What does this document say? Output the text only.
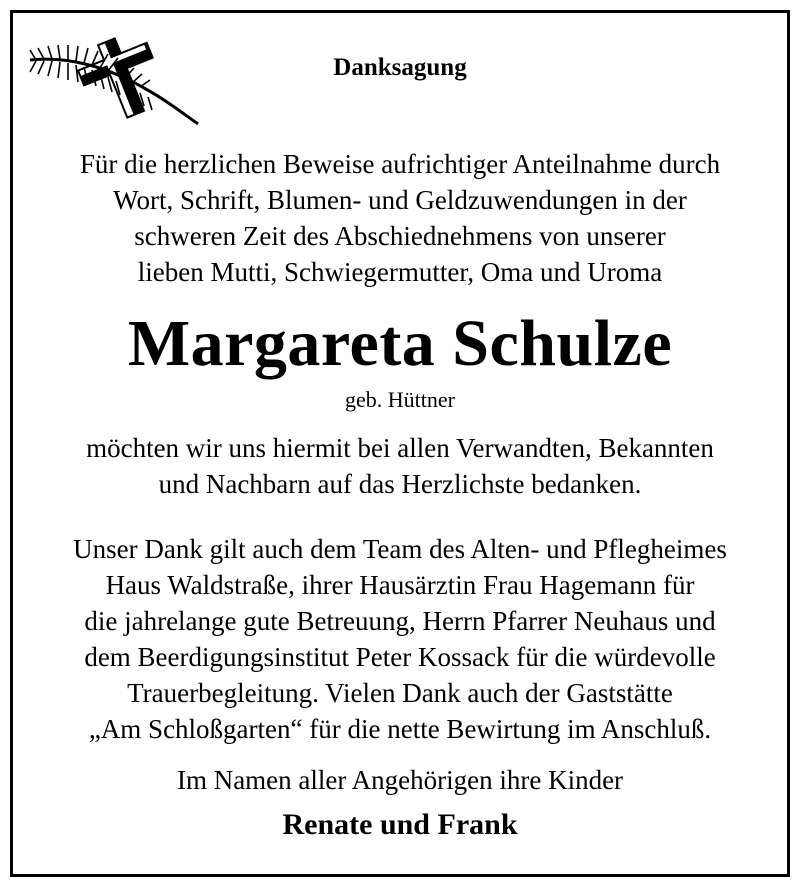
Danksagung
Für die herzlichen Beweise aufrichtiger Anteilnahme durch
Wort, Schrift, Blumen- und Geldzuwendungen in der
schweren Zeit des Abschiednehmens von unserer
lieben Mutti, Schwiegermutter, Oma und Uroma
Margareta Schulze
geb. Hüttner
möchten wir uns hiermit bei allen Verwandten, Bekannten
und Nachbarn auf das Herzlichste bedanken.
Unser Dank gilt auch dem Team des Alten- und Pflegheimes
Haus Waldstraße, ihrer Hausärztin Frau Hagemann für
die jahrelange gute Betreuung, Herrn Pfarrer Neuhaus und
dem Beerdigungsinstitut Peter Kossack für die würdevolle
Trauerbegleitung. Vielen Dank auch der Gaststätte
„Am Schloßgarten“ für die nette Bewirtung im Anschluß.
Im Namen aller Angehörigen ihre Kinder
Renate und Frank
